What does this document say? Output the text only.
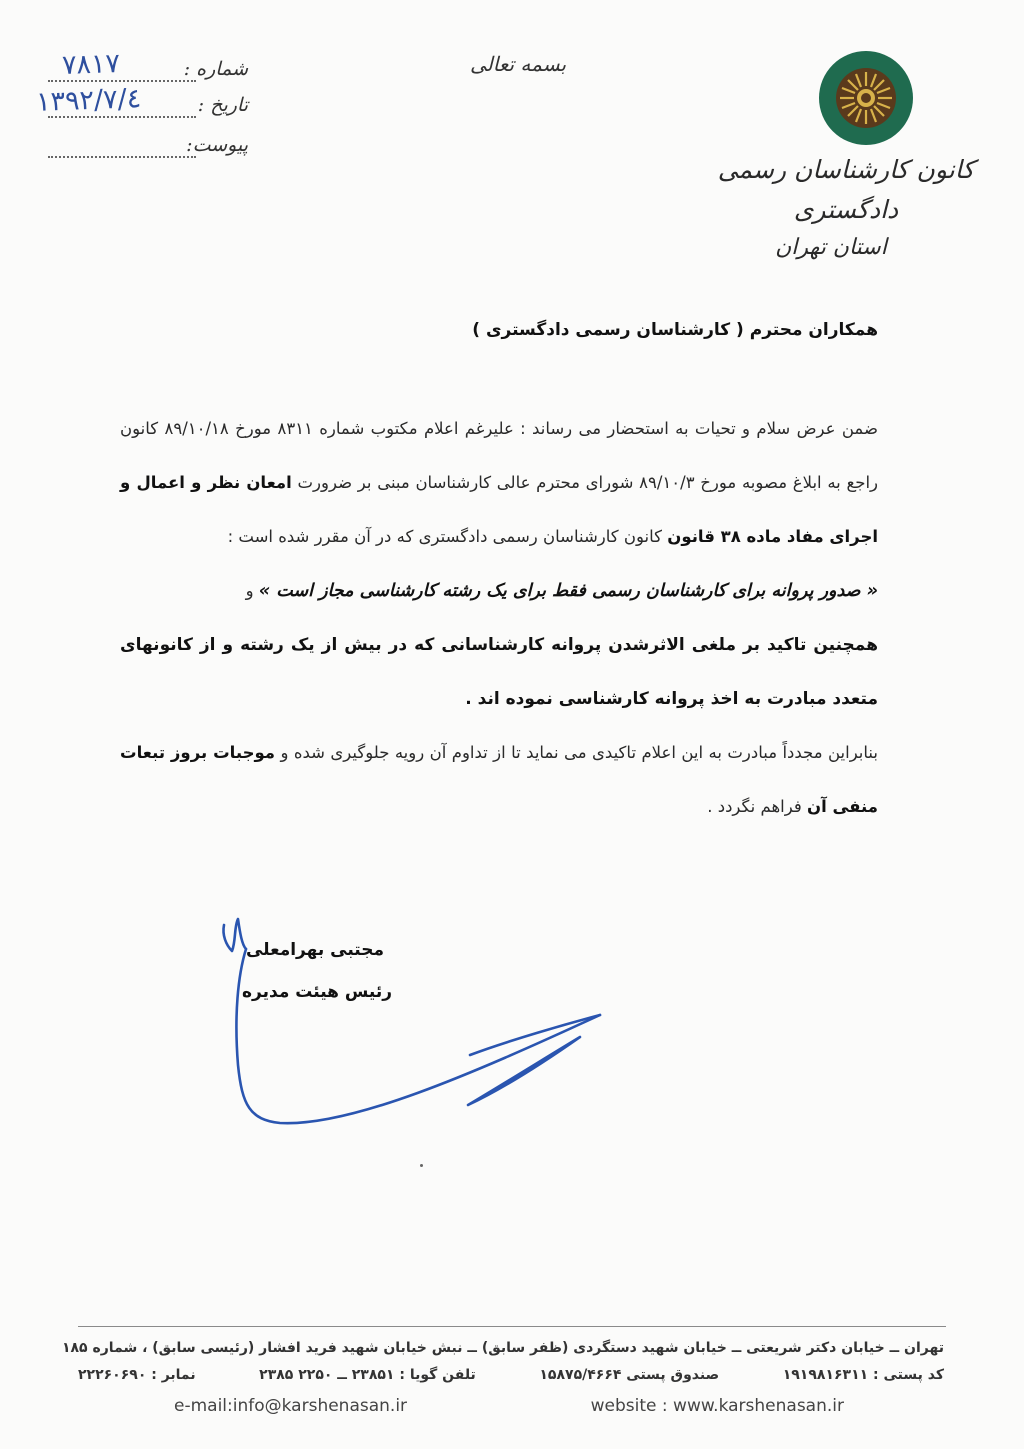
۷۸۱۷	شماره :
۱۳۹۲/۷/٤	تاریخ :
پیوست:
بسمه تعالی
کانون کارشناسان رسمی دادگستری
استان تهران
همکاران محترم ( کارشناسان رسمی دادگستری )
ضمن عرض سلام و تحیات به استحضار می رساند : علیرغم اعلام مکتوب شماره ۸۳۱۱ مورخ ۸۹/۱۰/۱۸ کانون راجع به ابلاغ مصوبه مورخ ۸۹/۱۰/۳ شورای محترم عالی کارشناسان مبنی بر ضرورت امعان نظر و اعمال و اجرای مفاد ماده ۳۸ قانون کانون کارشناسان رسمی دادگستری که در آن مقرر شده است :
« صدور پروانه برای کارشناسان رسمی فقط برای یک رشته کارشناسی مجاز است » و
همچنین تاکید بر ملغی الاثرشدن پروانه کارشناسانی که در بیش از یک رشته و از کانونهای متعدد مبادرت به اخذ پروانه کارشناسی نموده اند .
بنابراین مجدداً مبادرت به این اعلام تاکیدی می نماید تا از تداوم آن رویه جلوگیری شده و موجبات بروز تبعات منفی آن فراهم نگردد .
مجتبی بهرامعلی
رئیس هیئت مدیره
تهران ــ خیابان دکتر شریعتی ــ خیابان شهید دستگردی (ظفر سابق) ــ نبش خیابان شهید فرید افشار (رئیسی سابق) ، شماره ۱۸۵
کد پستی : ۱۹۱۹۸۱۶۳۱۱
صندوق پستی ۱۵۸۷۵/۴۶۶۴
تلفن گویا : ۲۳۸۵۱ ــ ۲۲۵۰ ۲۳۸۵
نمابر : ۲۲۲۶۰۶۹۰
e-mail:info@karshenasan.ir	website : www.karshenasan.ir
